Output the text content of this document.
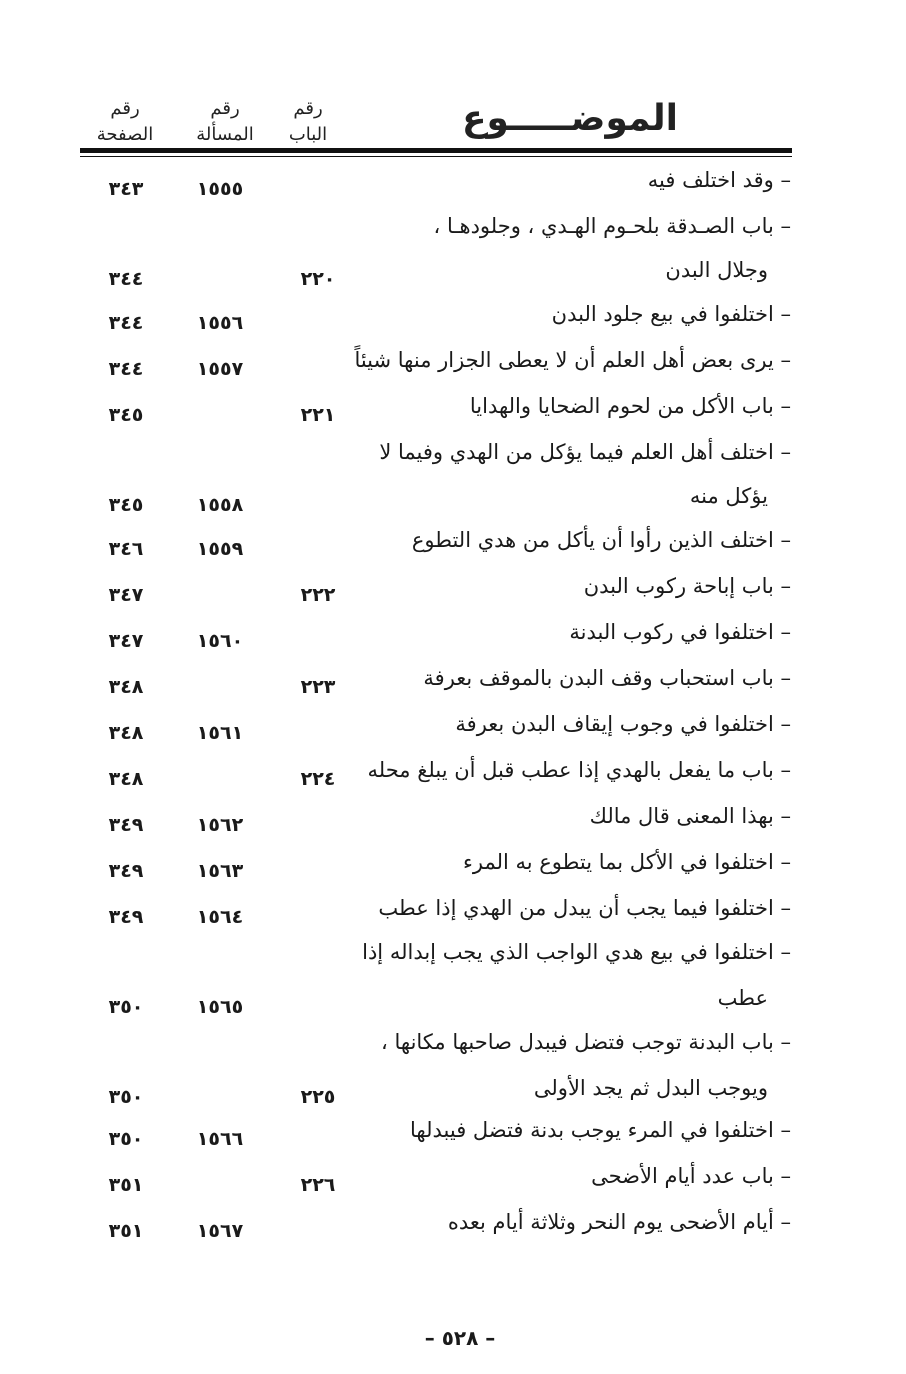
الموضـــــوع
رقم
الباب
رقم
المسألة
رقم
الصفحة
– وقد اختلف فيه
١٥٥٥
٣٤٣
– باب الصـدقة بلحـوم الهـدي ، وجلودهـا ،
وجلال البدن
٢٢٠
٣٤٤
– اختلفوا في بيع جلود البدن
١٥٥٦
٣٤٤
– يرى بعض أهل العلم أن لا يعطى الجزار منها شيئاً
١٥٥٧
٣٤٤
– باب الأكل من لحوم الضحايا والهدايا
٢٢١
٣٤٥
– اختلف أهل العلم فيما يؤكل من الهدي وفيما لا
يؤكل منه
١٥٥٨
٣٤٥
– اختلف الذين رأوا أن يأكل من هدي التطوع
١٥٥٩
٣٤٦
– باب إباحة ركوب البدن
٢٢٢
٣٤٧
– اختلفوا في ركوب البدنة
١٥٦٠
٣٤٧
– باب استحباب وقف البدن بالموقف بعرفة
٢٢٣
٣٤٨
– اختلفوا في وجوب إيقاف البدن بعرفة
١٥٦١
٣٤٨
– باب ما يفعل بالهدي إذا عطب قبل أن يبلغ محله
٢٢٤
٣٤٨
– بهذا المعنى قال مالك
١٥٦٢
٣٤٩
– اختلفوا في الأكل بما يتطوع به المرء
١٥٦٣
٣٤٩
– اختلفوا فيما يجب أن يبدل من الهدي إذا عطب
١٥٦٤
٣٤٩
– اختلفوا في بيع هدي الواجب الذي يجب إبداله إذا
عطب
١٥٦٥
٣٥٠
– باب البدنة توجب فتضل فيبدل صاحبها مكانها ،
ويوجب البدل ثم يجد الأولى
٢٢٥
٣٥٠
– اختلفوا في المرء يوجب بدنة فتضل فيبدلها
١٥٦٦
٣٥٠
– باب عدد أيام الأضحى
٢٢٦
٣٥١
– أيام الأضحى يوم النحر وثلاثة أيام بعده
١٥٦٧
٣٥١
– ٥٢٨ –
